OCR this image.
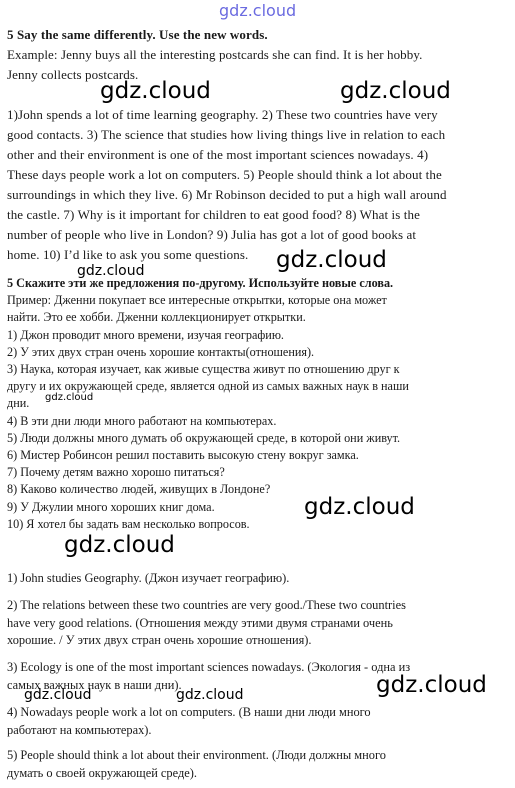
gdz.cloud

5 Say the same differently. Use the new words.

Example: Jenny buys all the interesting postcards she can find. It is her hobby.

Jenny collects postcards.

1)John spends a lot of time learning geography. 2) These two countries have very

good contacts. 3) The science that studies how living things live in relation to each

other and their environment is one of the most important sciences nowadays. 4)

These days people work a lot on computers. 5) People should think a lot about the

surroundings in which they live. 6) Mr Robinson decided to put a high wall around

the castle. 7) Why is it important for children to eat good food? 8) What is the

number of people who live in London? 9) Julia has got a lot of good books at

home. 10) I’d like to ask you some questions.

5 Скажите эти же предложения по-другому. Используйте новые слова.

Пример: Дженни покупает все интересные открытки, которые она может

найти. Это ее хобби. Дженни коллекционирует открытки.

1) Джон проводит много времени, изучая географию.

2) У этих двух стран очень хорошие контакты(отношения).

3) Наука, которая изучает, как живые существа живут по отношению друг к

другу и их окружающей среде, является одной из самых важных наук в наши

дни.

4) В эти дни люди много работают на компьютерах.

5) Люди должны много думать об окружающей среде, в которой они живут.

6) Мистер Робинсон решил поставить высокую стену вокруг замка.

7) Почему детям важно хорошо питаться?

8) Каково количество людей, живущих в Лондоне?

9) У Джулии много хороших книг дома.

10) Я хотел бы задать вам несколько вопросов.

1) John studies Geography. (Джон изучает географию).

2) The relations between these two countries are very good./These two countries

have very good relations. (Отношения между этими двумя странами очень

хорошие. / У этих двух стран очень хорошие отношения).

3) Ecology is one of the most important sciences nowadays. (Экология - одна из

самых важных наук в наши дни).

4) Nowadays people work a lot on computers. (В наши дни люди много

работают на компьютерах).

5) People should think a lot about their environment. (Люди должны много

думать о своей окружающей среде).

gdz.cloud	gdz.cloud
gdz.cloud
gdz.cloud
gdz.cloud
gdz.cloud
gdz.cloud
gdz.cloud
gdz.cloud	gdz.cloud
